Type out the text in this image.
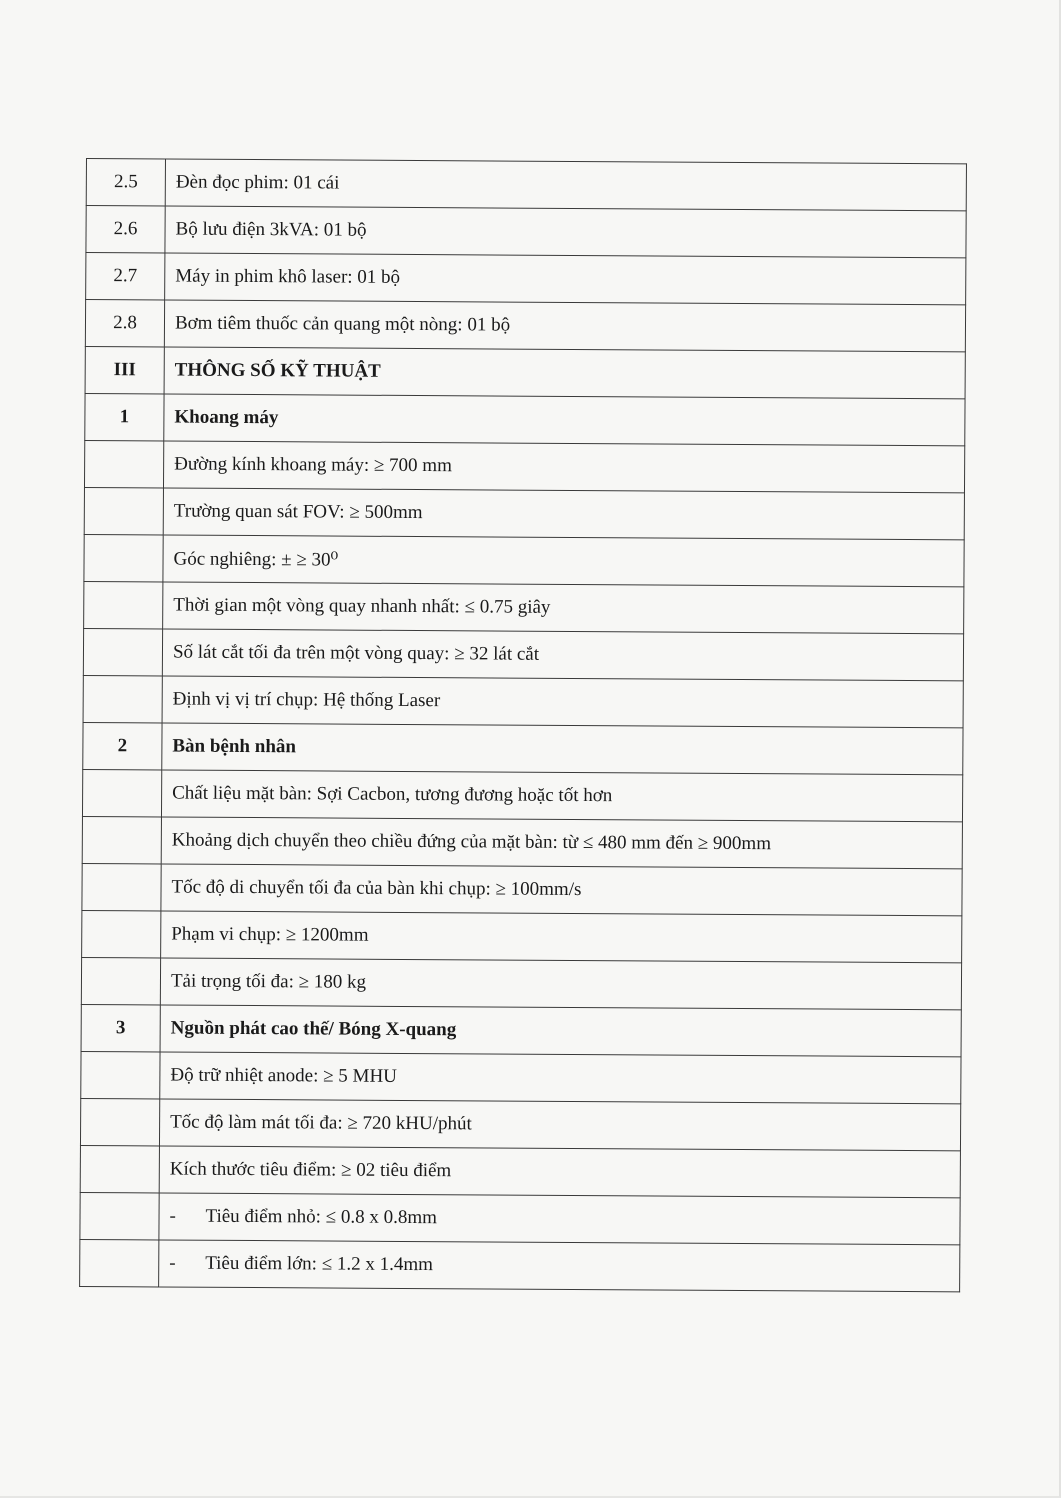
2.5	Đèn đọc phim: 01 cái
2.6	Bộ lưu điện 3kVA: 01 bộ
2.7	Máy in phim khô laser: 01 bộ
2.8	Bơm tiêm thuốc cản quang một nòng: 01 bộ
III	THÔNG SỐ KỸ THUẬT
1	Khoang máy
	Đường kính khoang máy: ≥ 700 mm
	Trường quan sát FOV: ≥ 500mm
	Góc nghiêng: ± ≥ 30⁰
	Thời gian một vòng quay nhanh nhất: ≤ 0.75 giây
	Số lát cắt tối đa trên một vòng quay: ≥ 32 lát cắt
	Định vị vị trí chụp: Hệ thống Laser
2	Bàn bệnh nhân
	Chất liệu mặt bàn: Sợi Cacbon, tương đương hoặc tốt hơn
	Khoảng dịch chuyển theo chiều đứng của mặt bàn: từ ≤ 480 mm đến ≥ 900mm
	Tốc độ di chuyển tối đa của bàn khi chụp: ≥ 100mm/s
	Phạm vi chụp: ≥ 1200mm
	Tải trọng tối đa: ≥ 180 kg
3	Nguồn phát cao thế/ Bóng X-quang
	Độ trữ nhiệt anode: ≥ 5 MHU
	Tốc độ làm mát tối đa: ≥ 720 kHU/phút
	Kích thước tiêu điểm: ≥ 02 tiêu điểm
	- Tiêu điểm nhỏ: ≤ 0.8 x 0.8mm
	- Tiêu điểm lớn: ≤ 1.2 x 1.4mm
